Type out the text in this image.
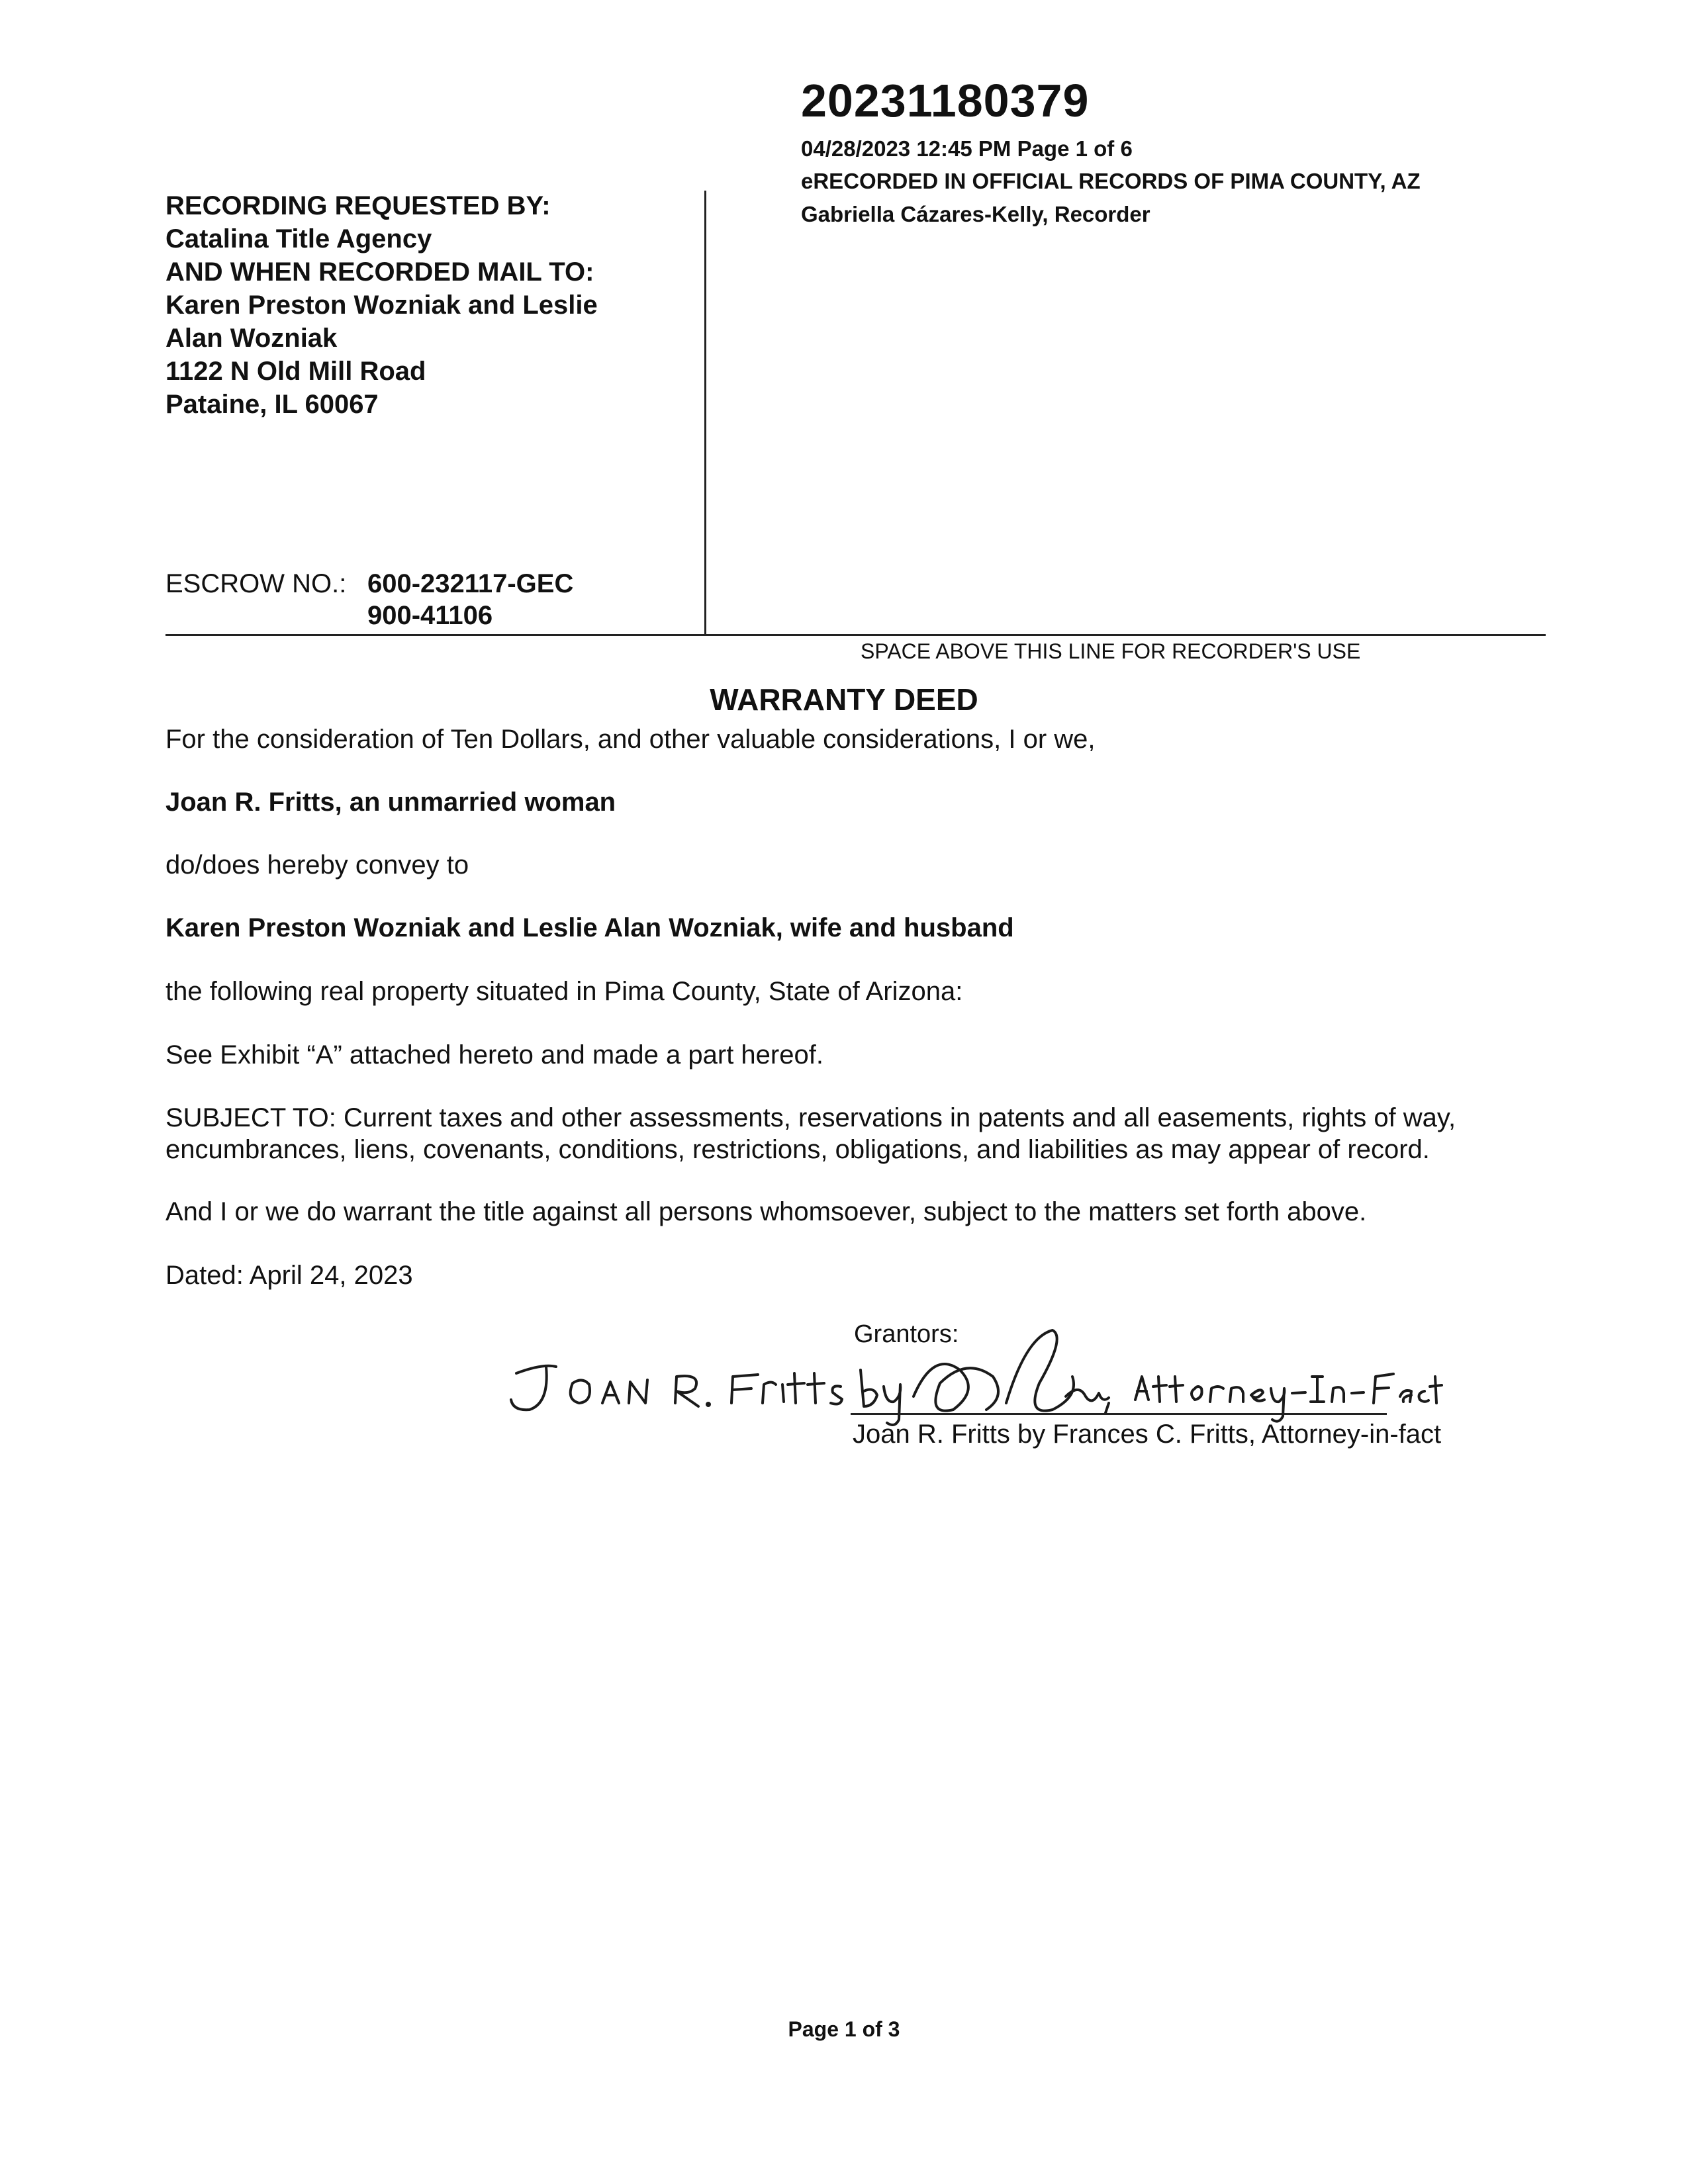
20231180379
04/28/2023 12:45 PM Page 1 of 6
eRECORDED IN OFFICIAL RECORDS OF PIMA COUNTY, AZ
Gabriella Cázares-Kelly, Recorder
RECORDING REQUESTED BY:
Catalina Title Agency
AND WHEN RECORDED MAIL TO:
Karen Preston Wozniak and Leslie
Alan Wozniak
1122 N Old Mill Road
Pataine, IL 60067
ESCROW NO.: 600-232117-GEC
900-41106
SPACE ABOVE THIS LINE FOR RECORDER'S USE
WARRANTY DEED
For the consideration of Ten Dollars, and other valuable considerations, I or we,
Joan R. Fritts, an unmarried woman
do/does hereby convey to
Karen Preston Wozniak and Leslie Alan Wozniak, wife and husband
the following real property situated in Pima County, State of Arizona:
See Exhibit “A” attached hereto and made a part hereof.
SUBJECT TO: Current taxes and other assessments, reservations in patents and all easements, rights of way, encumbrances, liens, covenants, conditions, restrictions, obligations, and liabilities as may appear of record.
And I or we do warrant the title against all persons whomsoever, subject to the matters set forth above.
Dated: April 24, 2023
Grantors:
Joan R. Fritts by Frances C. Fritts, Attorney-in-fact
Page 1 of 3
